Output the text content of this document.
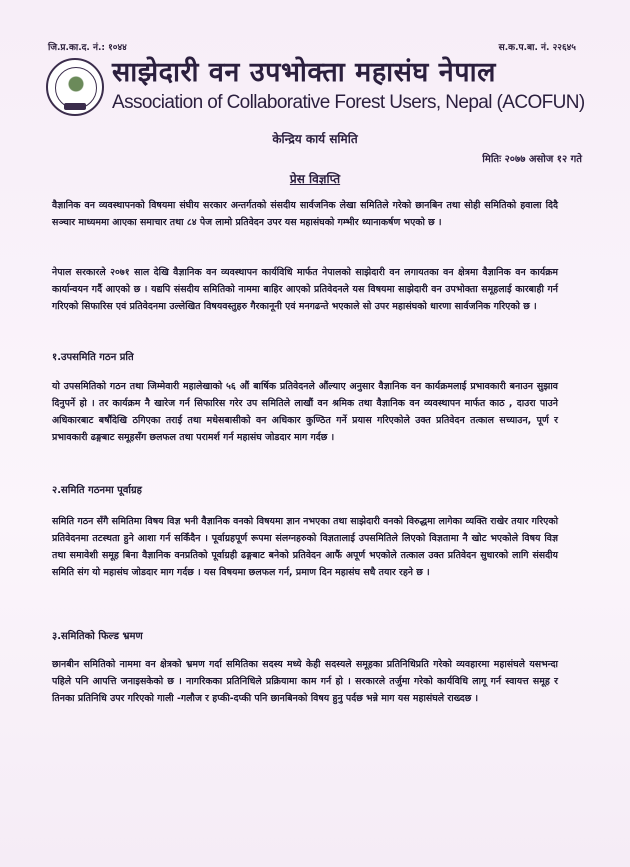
जि.प्र.का.द. नं.: १०४४	स.क.प.बा. नं. २२६४५
साझेदारी वन उपभोक्ता महासंघ नेपाल
Association of Collaborative Forest Users, Nepal (ACOFUN)
केन्द्रिय कार्य समिति
मितिः २०७७ असोज १२ गते
प्रेस विज्ञप्ति
वैज्ञानिक वन व्यवस्थापनको विषयमा संघीय सरकार अन्तर्गतको संसदीय सार्वजनिक लेखा समितिले गरेको छानबिन तथा सोही समितिको हवाला दिदै सञ्चार माध्यममा आएका समाचार तथा ८४ पेज लामो प्रतिवेदन उपर यस महासंघको गम्भीर ध्यानाकर्षण भएको छ ।
नेपाल सरकारले २०७१ साल देखि वैज्ञानिक वन व्यवस्थापन कार्यविधि मार्फत नेपालको साझेदारी वन लगायतका वन क्षेत्रमा वैज्ञानिक वन कार्यक्रम कार्यान्वयन गर्दै आएको छ । यद्यपि संसदीय समितिको नाममा बाहिर आएको प्रतिवेदनले यस विषयमा साझेदारी वन उपभोक्ता समूहलाई कारबाही गर्न गरिएको सिफारिस एवं प्रतिवेदनमा उल्लेखित विषयवस्तुहरु गैरकानूनी एवं मनगढन्ते भएकाले सो उपर महासंघको धारणा सार्वजनिक गरिएको छ ।
१.उपसमिति गठन प्रति
यो उपसमितिको गठन तथा जिम्मेवारी महालेखाको ५६ औं बार्षिक प्रतिवेदनले औंल्याए अनुसार वैज्ञानिक वन कार्यक्रमलाई प्रभावकारी बनाउन सुझाव दिनुपर्ने हो । तर कार्यक्रम नै खारेज गर्न सिफारिस गरेर उप समितिले लाखौं वन श्रमिक तथा वैज्ञानिक वन व्यवस्थापन मार्फत काठ , दाउरा पाउने अधिकारबाट बर्षौंदेखि ठगिएका तराई तथा मधेसबासीको वन अधिकार कुण्ठित गर्ने प्रयास गरिएकोले उक्त प्रतिवेदन तत्काल सच्याउन, पूर्ण र प्रभावकारी ढङ्गबाट समूहसँग छलफल तथा परामर्श गर्न महासंघ जोडदार माग गर्दछ ।
२.समिति गठनमा पूर्वाग्रह
समिति गठन सँगै समितिमा विषय विज्ञ भनी वैज्ञानिक वनको विषयमा ज्ञान नभएका तथा साझेदारी वनको विरुद्धमा लागेका व्यक्ति राखेर तयार गरिएको प्रतिवेदनमा तटस्थता हुने आशा गर्न सकिँदैन । पूर्वाग्रहपूर्ण रूपमा संलग्नहरुको विज्ञतालाई उपसमितिले लिएको विज्ञतामा नै खोट भएकोले विषय विज्ञ तथा समावेशी समूह बिना वैज्ञानिक वनप्रतिको पूर्वाग्रही ढङ्गबाट बनेको प्रतिवेदन आफैं अपूर्ण भएकोले तत्काल उक्त प्रतिवेदन सुधारको लागि संसदीय समिति संग यो महासंघ जोडदार माग गर्दछ । यस विषयमा छलफल गर्न, प्रमाण दिन महासंघ सधै तयार रहने छ ।
३.समितिको फिल्ड भ्रमण
छानबीन समितिको नाममा वन क्षेत्रको भ्रमण गर्दा समितिका सदस्य मध्ये केही सदस्यले समूहका प्रतिनिधिप्रति गरेको व्यवहारमा महासंघले यसभन्दा पहिले पनि आपत्ति जनाइसकेको छ । नागरिकका प्रतिनिधिले प्रक्रियामा काम गर्न हो । सरकारले तर्जुमा गरेको कार्यविधि लागू गर्न स्वायत्त समूह र तिनका प्रतिनिधि उपर गरिएको गाली -गलौज र हप्की-दप्की पनि छानबिनको विषय हुनु पर्दछ भन्ने माग यस महासंघले राख्दछ ।
